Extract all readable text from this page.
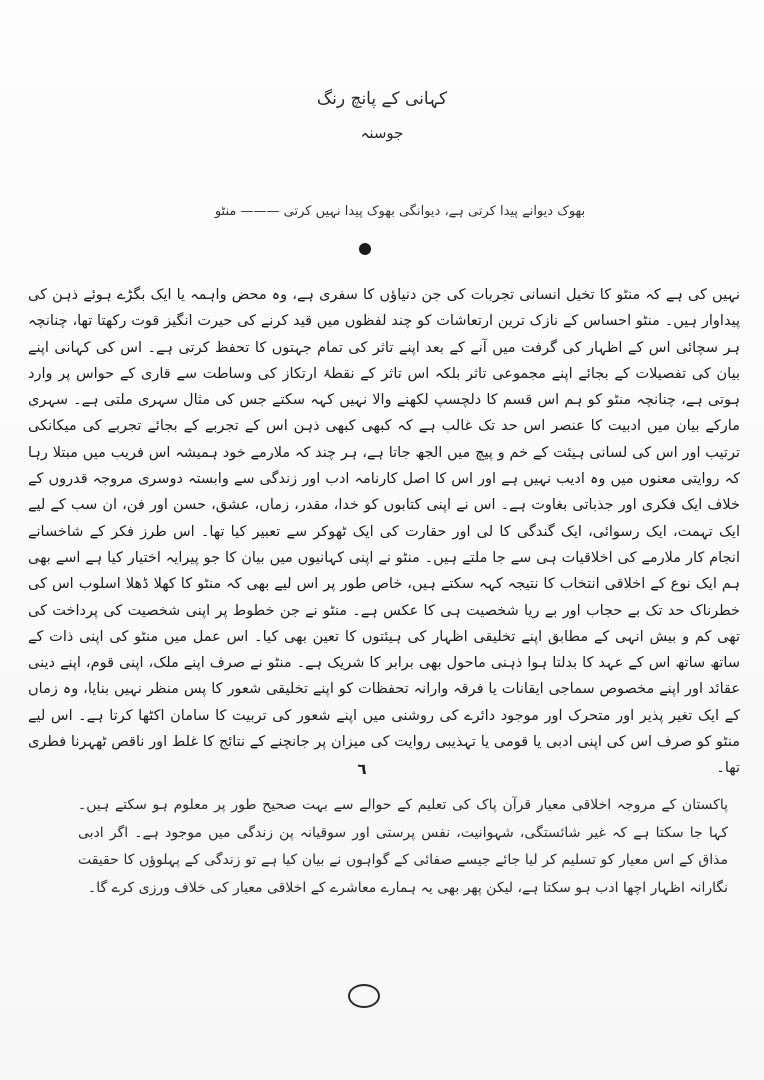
کہانی کے پانچ رنگ
جوسنہ
بھوک دیوانے پیدا کرتی ہے، دیوانگی بھوک پیدا نہیں کرتی ——— منٹو
نہیں کی ہے کہ منٹو کا تخیل انسانی تجربات کی جن دنیاؤں کا سفری ہے، وہ محض واہمہ یا ایک بگڑے ہوئے ذہن کی پیداوار ہیں۔ منٹو احساس کے نازک ترین ارتعاشات کو چند لفظوں میں قید کرنے کی حیرت انگیز قوت رکھتا تھا، چنانچہ ہر سچائی اس کے اظہار کی گرفت میں آنے کے بعد اپنے تاثر کی تمام جہتوں کا تحفظ کرتی ہے۔ اس کی کہانی اپنے بیان کی تفصیلات کے بجائے اپنے مجموعی تاثر بلکہ اس تاثر کے نقطۂ ارتکاز کی وساطت سے قاری کے حواس پر وارد ہوتی ہے، چنانچہ منٹو کو ہم اس قسم کا دلچسپ لکھنے والا نہیں کہہ سکتے جس کی مثال سہری ملتی ہے۔ سہری مارکے بیان میں ادبیت کا عنصر اس حد تک غالب ہے کہ کبھی کبھی ذہن اس کے تجربے کے بجائے تجربے کی میکانکی ترتیب اور اس کی لسانی ہیئت کے خم و پیچ میں الجھ جاتا ہے، ہر چند کہ ملارمے خود ہمیشہ اس فریب میں مبتلا رہا کہ روایتی معنوں میں وہ ادیب نہیں ہے اور اس کا اصل کارنامہ ادب اور زندگی سے وابستہ دوسری مروجہ قدروں کے خلاف ایک فکری اور جذباتی بغاوت ہے۔ اس نے اپنی کتابوں کو خدا، مقدر، زماں، عشق، حسن اور فن، ان سب کے لیے ایک تہمت، ایک رسوائی، ایک گندگی کا لی اور حقارت کی ایک ٹھوکر سے تعبیر کیا تھا۔ اس طرز فکر کے شاخسانے انجام کار ملارمے کی اخلاقیات ہی سے جا ملتے ہیں۔ منٹو نے اپنی کہانیوں میں بیان کا جو پیرایہ اختیار کیا ہے اسے بھی ہم ایک نوع کے اخلاقی انتخاب کا نتیجہ کہہ سکتے ہیں، خاص طور پر اس لیے بھی کہ منٹو کا کھلا ڈھلا اسلوب اس کی خطرناک حد تک بے حجاب اور بے ریا شخصیت ہی کا عکس ہے۔ منٹو نے جن خطوط پر اپنی شخصیت کی پرداخت کی تھی کم و بیش انہی کے مطابق اپنے تخلیقی اظہار کی ہیئتوں کا تعین بھی کیا۔ اس عمل میں منٹو کی اپنی ذات کے ساتھ ساتھ اس کے عہد کا بدلتا ہوا ذہنی ماحول بھی برابر کا شریک ہے۔ منٹو نے صرف اپنے ملک، اپنی قوم، اپنے دینی عقائد اور اپنے مخصوص سماجی ایقانات یا فرقہ وارانہ تحفظات کو اپنے تخلیقی شعور کا پس منظر نہیں بنایا، وہ زماں کے ایک تغیر پذیر اور متحرک اور موجود دائرے کی روشنی میں اپنے شعور کی تربیت کا سامان اکٹھا کرتا ہے۔ اس لیے منٹو کو صرف اس کی اپنی ادبی یا قومی یا تہذیبی روایت کی میزان پر جانچنے کے نتائج کا غلط اور ناقص ٹھہرنا فطری تھا۔
٦
پاکستان کے مروجہ اخلاقی معیار قرآن پاک کی تعلیم کے حوالے سے بہت صحیح طور پر معلوم ہو سکتے ہیں۔ کہا جا سکتا ہے کہ غیر شائستگی، شہوانیت، نفس پرستی اور سوقیانہ پن زندگی میں موجود ہے۔ اگر ادبی مذاق کے اس معیار کو تسلیم کر لیا جائے جیسے صفائی کے گواہوں نے بیان کیا ہے تو زندگی کے پہلوؤں کا حقیقت نگارانہ اظہار اچھا ادب ہو سکتا ہے، لیکن پھر بھی یہ ہمارے معاشرے کے اخلاقی معیار کی خلاف ورزی کرے گا۔
